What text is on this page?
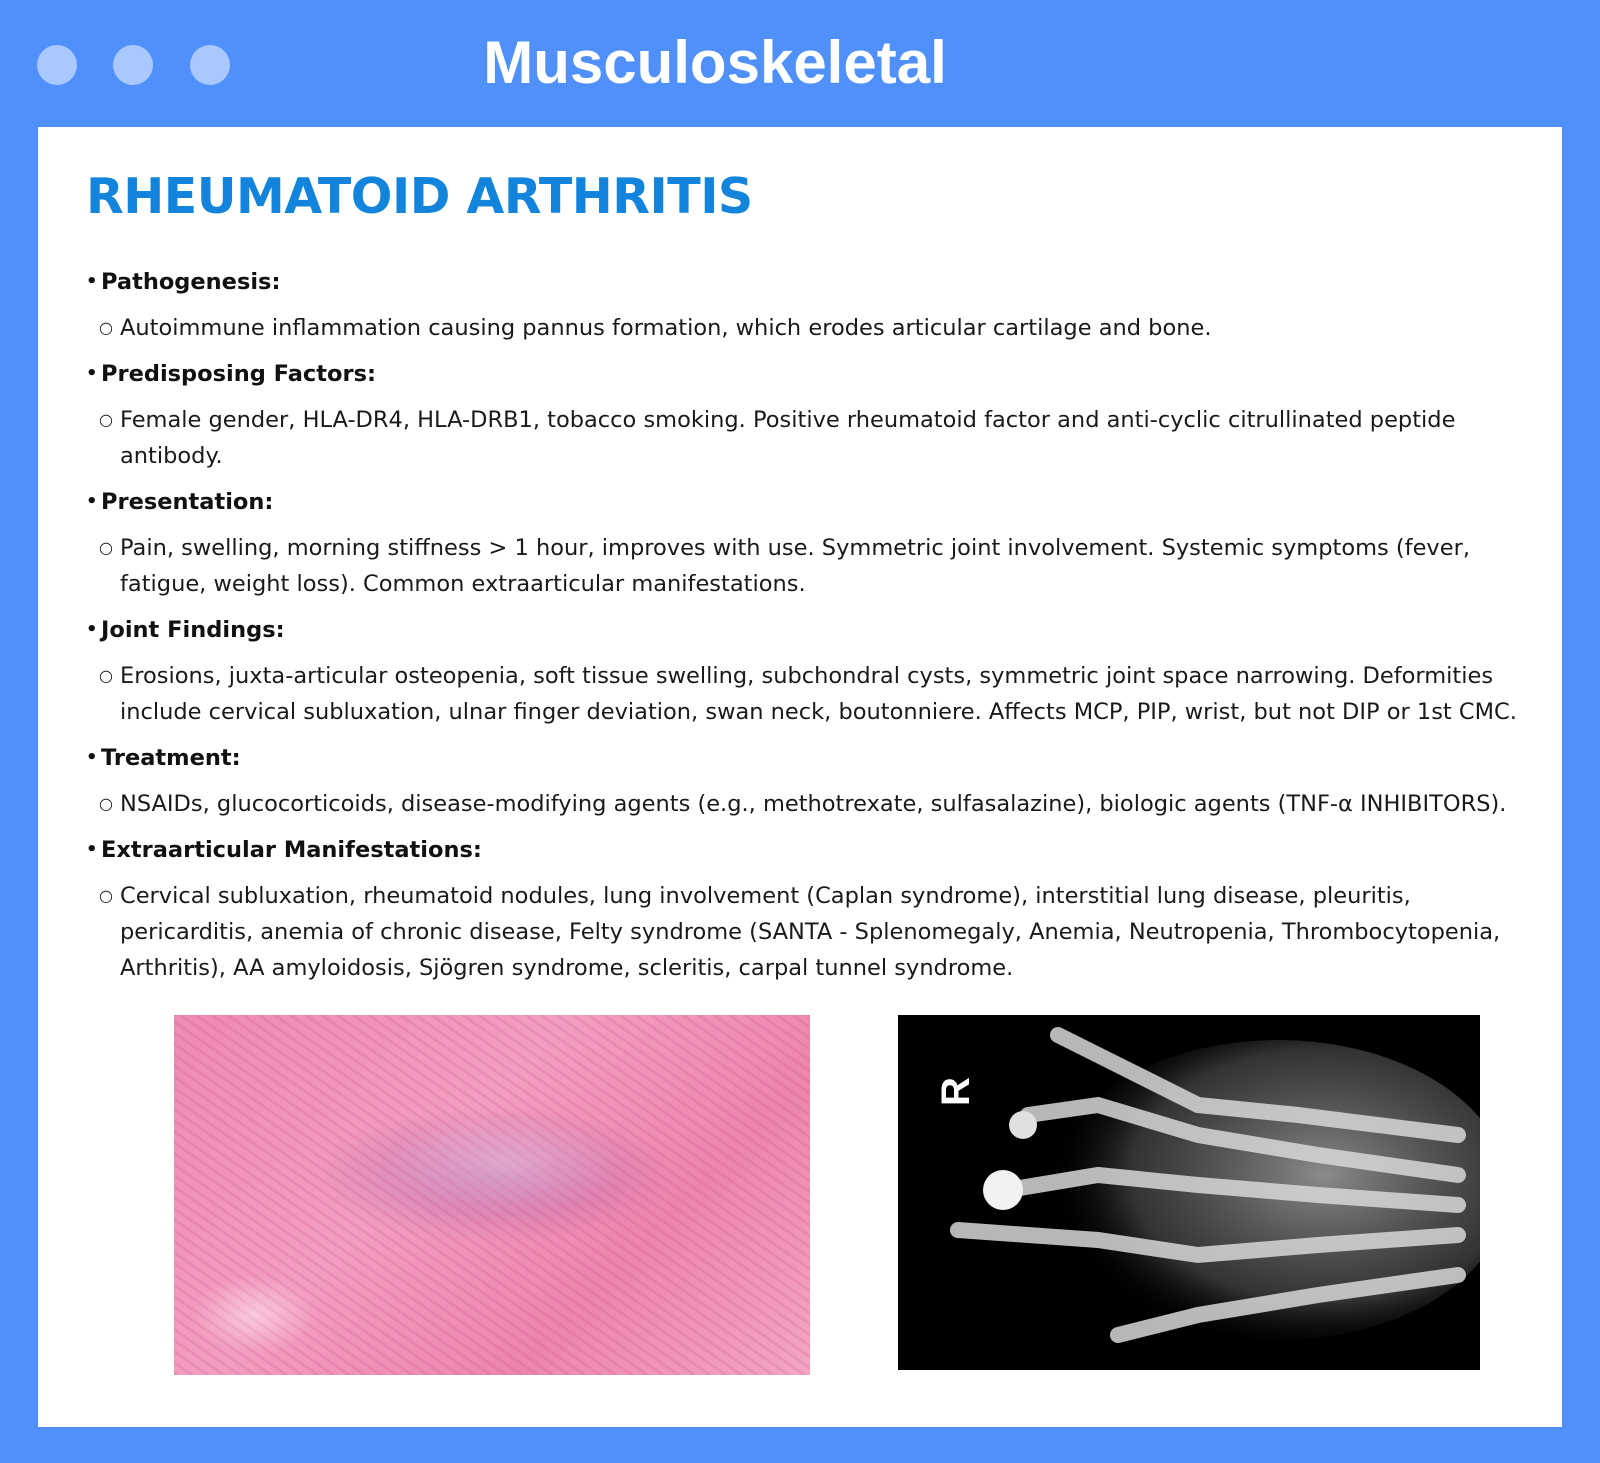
Musculoskeletal
RHEUMATOID ARTHRITIS
• Pathogenesis:
○ Autoimmune inflammation causing pannus formation, which erodes articular cartilage and bone.
• Predisposing Factors:
○ Female gender, HLA-DR4, HLA-DRB1, tobacco smoking. Positive rheumatoid factor and anti-cyclic citrullinated peptide antibody.
• Presentation:
○ Pain, swelling, morning stiffness > 1 hour, improves with use. Symmetric joint involvement. Systemic symptoms (fever, fatigue, weight loss). Common extraarticular manifestations.
• Joint Findings:
○ Erosions, juxta-articular osteopenia, soft tissue swelling, subchondral cysts, symmetric joint space narrowing. Deformities include cervical subluxation, ulnar finger deviation, swan neck, boutonniere. Affects MCP, PIP, wrist, but not DIP or 1st CMC.
• Treatment:
○ NSAIDs, glucocorticoids, disease-modifying agents (e.g., methotrexate, sulfasalazine), biologic agents (TNF-α INHIBITORS).
• Extraarticular Manifestations:
○ Cervical subluxation, rheumatoid nodules, lung involvement (Caplan syndrome), interstitial lung disease, pleuritis, pericarditis, anemia of chronic disease, Felty syndrome (SANTA - Splenomegaly, Anemia, Neutropenia, Thrombocytopenia, Arthritis), AA amyloidosis, Sjögren syndrome, scleritis, carpal tunnel syndrome.
R
